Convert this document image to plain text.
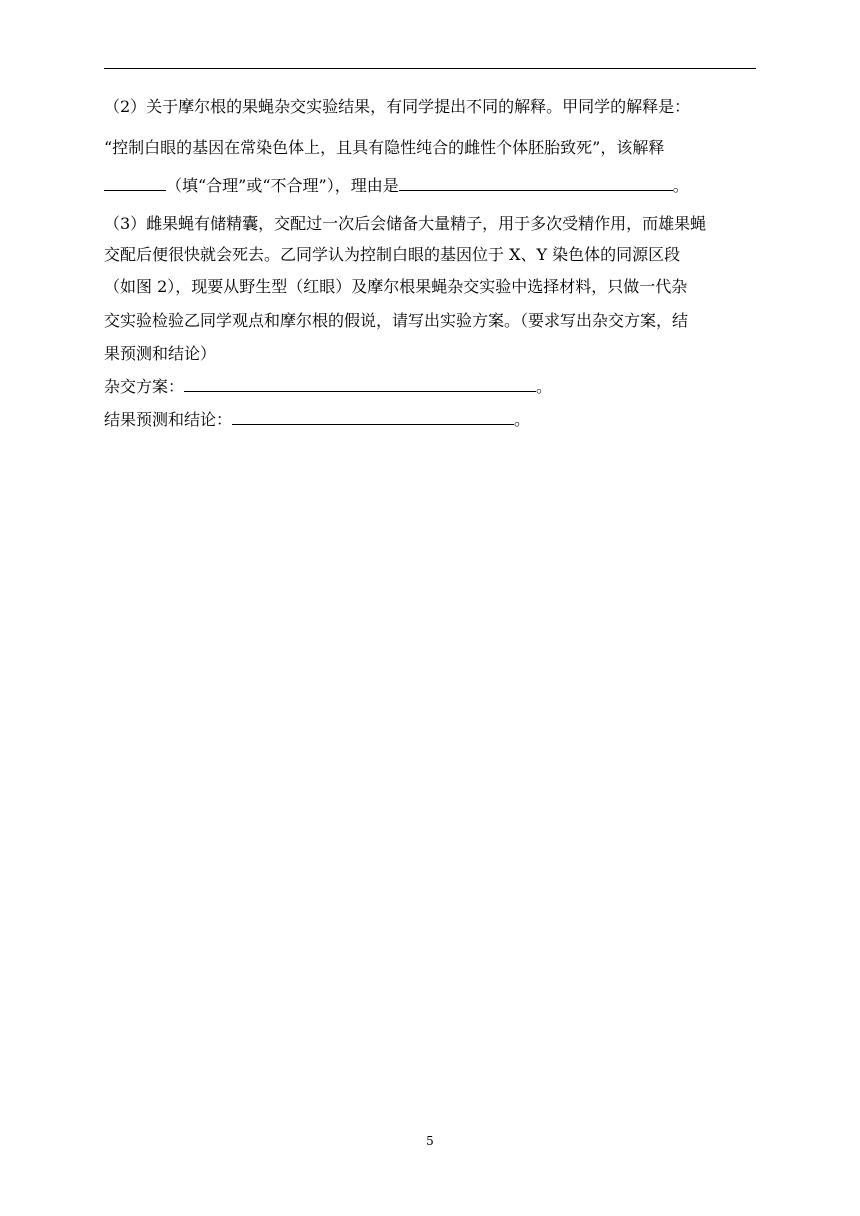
（2）关于摩尔根的果蝇杂交实验结果，有同学提出不同的解释。甲同学的解释是：
“控制白眼的基因在常染色体上，且具有隐性纯合的雌性个体胚胎致死”，该解释
（填“合理”或“不合理”），理由是	。
（3）雌果蝇有储精囊，交配过一次后会储备大量精子，用于多次受精作用，而雄果蝇
交配后便很快就会死去。乙同学认为控制白眼的基因位于 X、Y 染色体的同源区段
（如图 2），现要从野生型（红眼）及摩尔根果蝇杂交实验中选择材料，只做一代杂
交实验检验乙同学观点和摩尔根的假说，请写出实验方案。（要求写出杂交方案，结
果预测和结论）
杂交方案：	。
结果预测和结论：	。
5
